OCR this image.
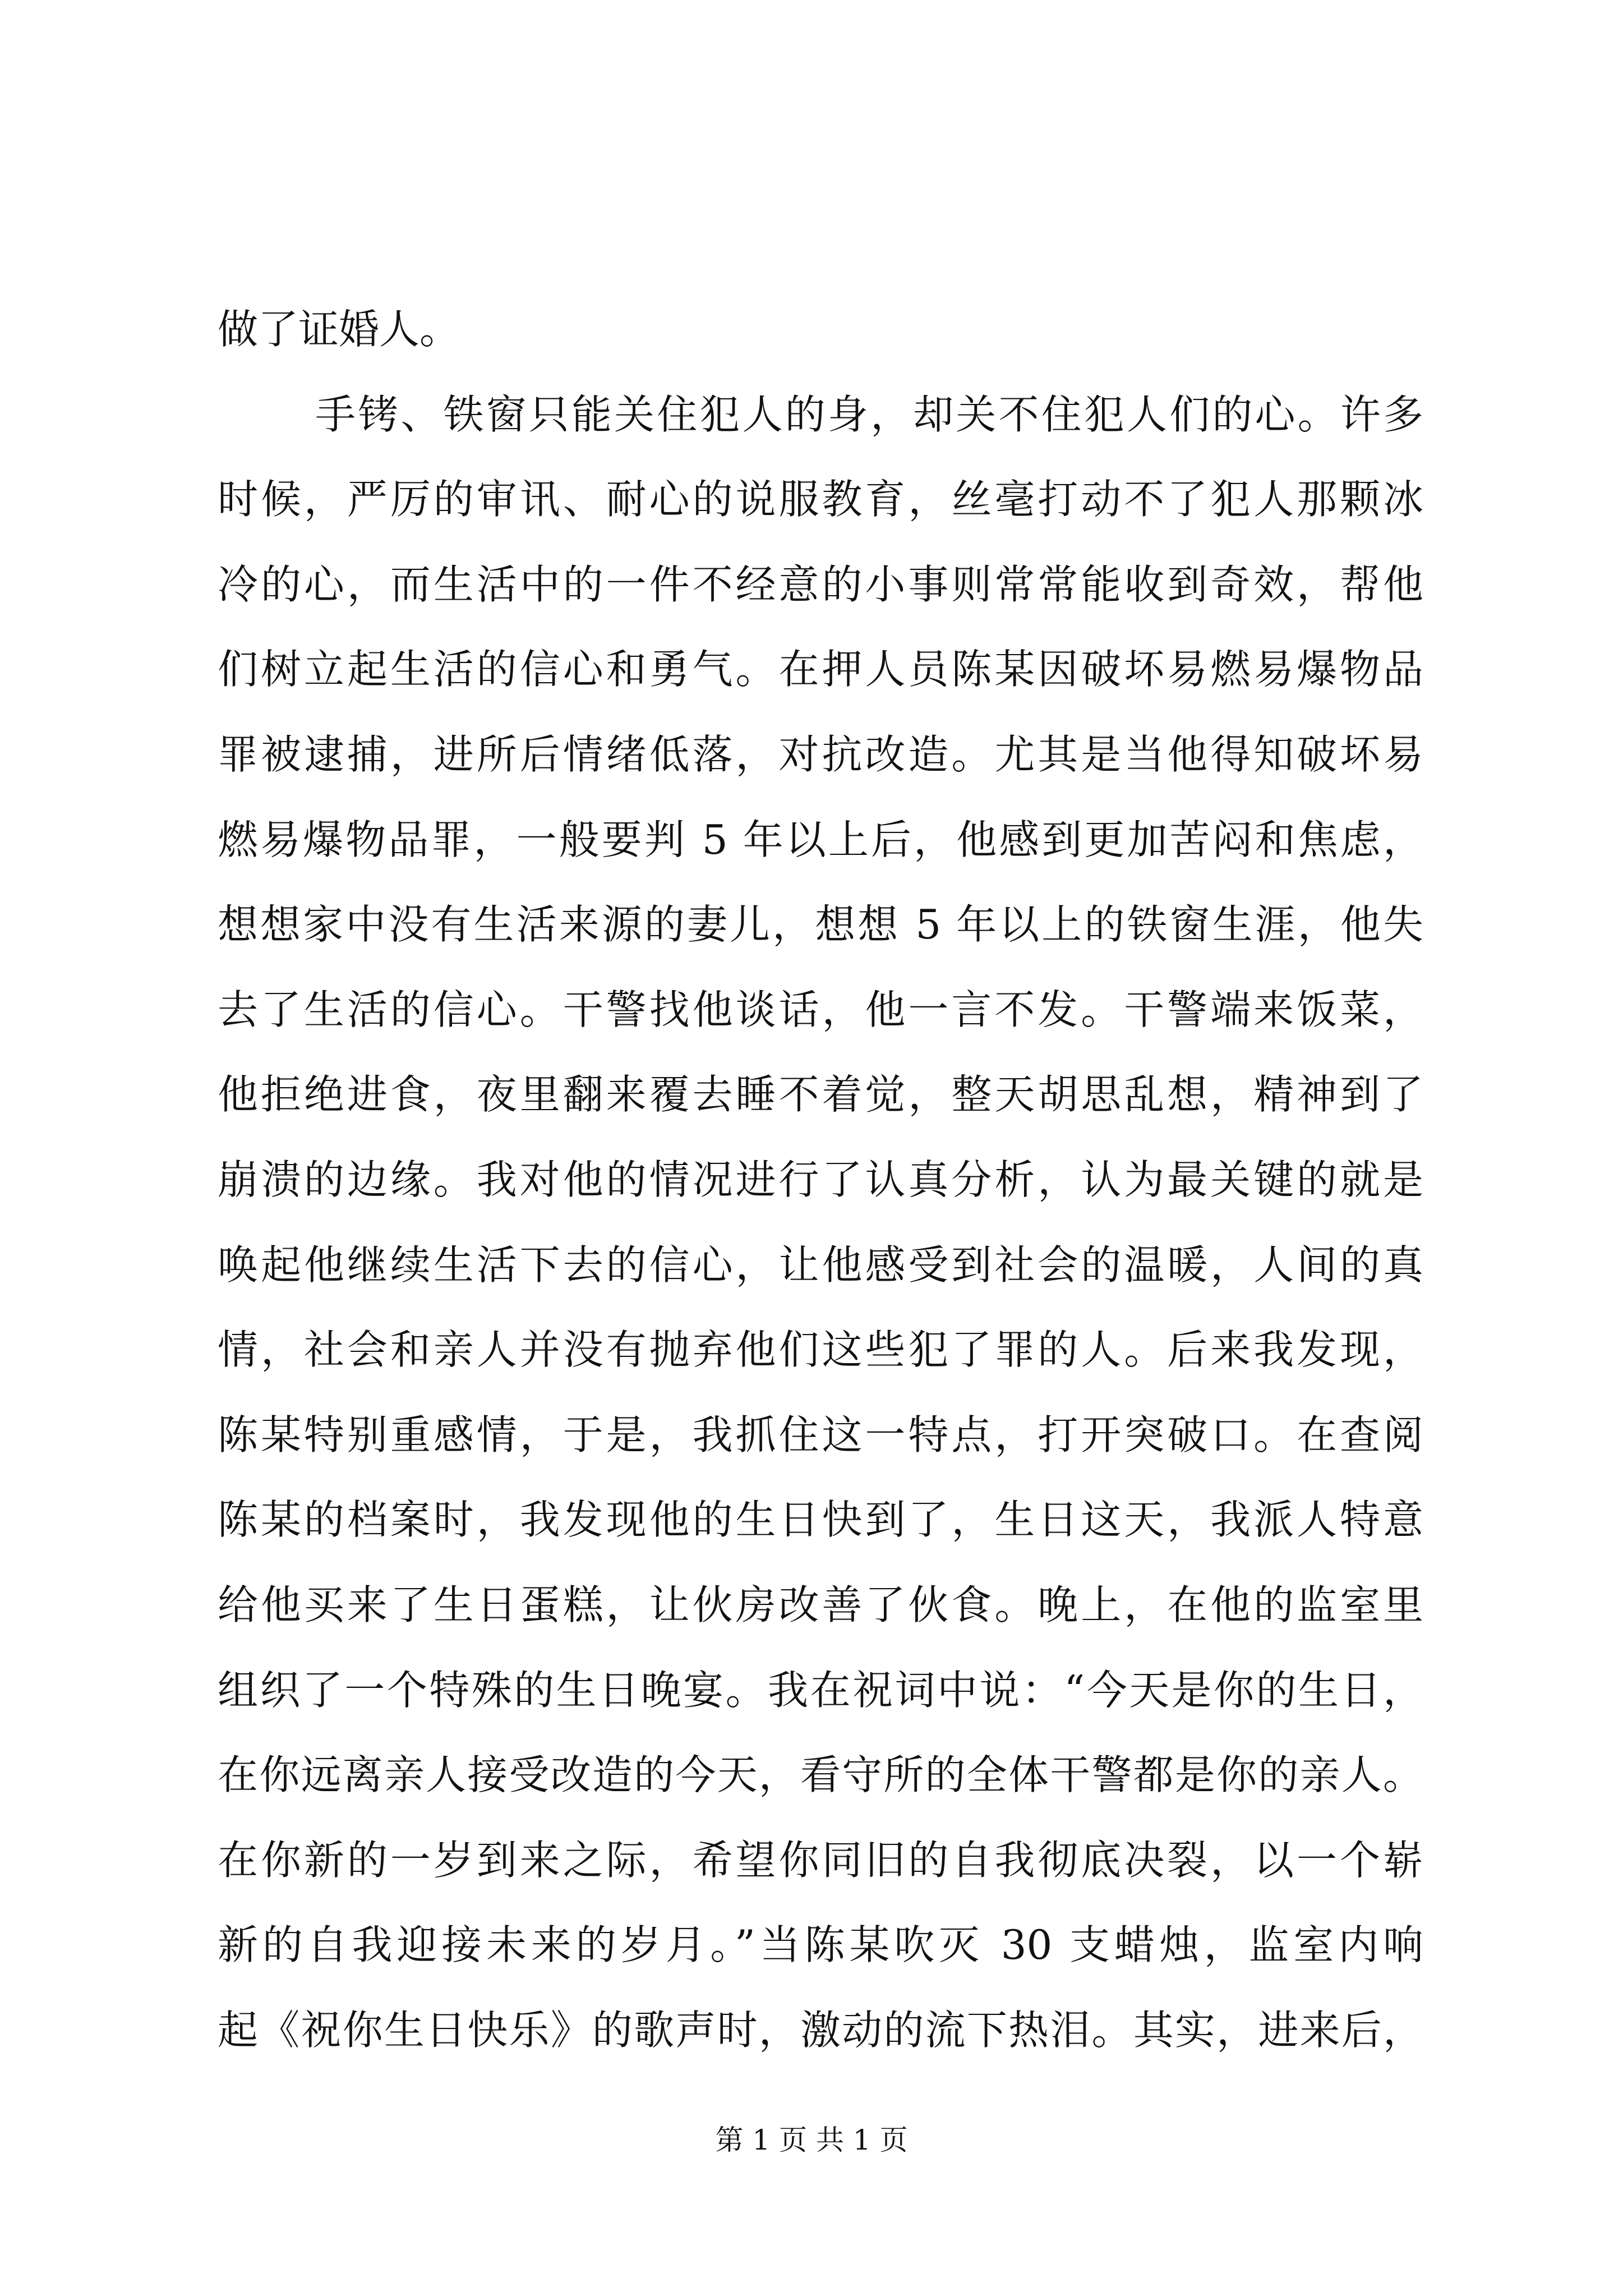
做了证婚人。
手铐、铁窗只能关住犯人的身，却关不住犯人们的心。许多
时候，严厉的审讯、耐心的说服教育，丝毫打动不了犯人那颗冰
冷的心，而生活中的一件不经意的小事则常常能收到奇效，帮他
们树立起生活的信心和勇气。在押人员陈某因破坏易燃易爆物品
罪被逮捕，进所后情绪低落，对抗改造。尤其是当他得知破坏易
燃易爆物品罪，一般要判 5 年以上后，他感到更加苦闷和焦虑，
想想家中没有生活来源的妻儿，想想 5 年以上的铁窗生涯，他失
去了生活的信心。干警找他谈话，他一言不发。干警端来饭菜，
他拒绝进食，夜里翻来覆去睡不着觉，整天胡思乱想，精神到了
崩溃的边缘。我对他的情况进行了认真分析，认为最关键的就是
唤起他继续生活下去的信心，让他感受到社会的温暖，人间的真
情，社会和亲人并没有抛弃他们这些犯了罪的人。后来我发现，
陈某特别重感情，于是，我抓住这一特点，打开突破口。在查阅
陈某的档案时，我发现他的生日快到了，生日这天，我派人特意
给他买来了生日蛋糕，让伙房改善了伙食。晚上，在他的监室里
组织了一个特殊的生日晚宴。我在祝词中说：“今天是你的生日，
在你远离亲人接受改造的今天，看守所的全体干警都是你的亲人。
在你新的一岁到来之际，希望你同旧的自我彻底决裂，以一个崭
新的自我迎接未来的岁月。”当陈某吹灭 30 支蜡烛，监室内响
起《祝你生日快乐》的歌声时，激动的流下热泪。其实，进来后，
第 1 页 共 1 页
